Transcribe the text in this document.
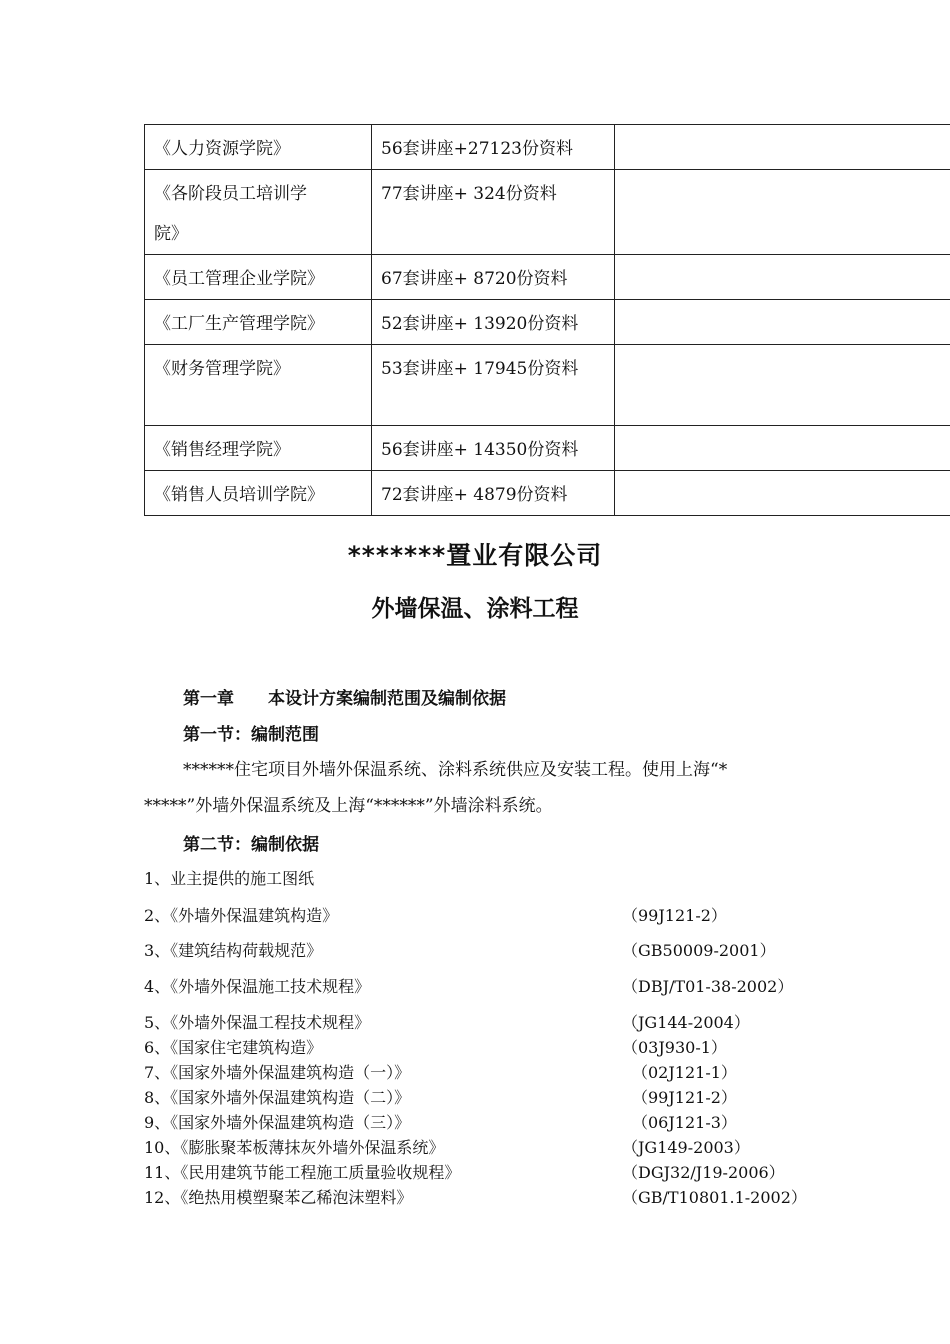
《人力资源学院》	56套讲座+27123份资料	

《各阶段员工培训学院》	77套讲座+ 324份资料	
《员工管理企业学院》	67套讲座+ 8720份资料	
《工厂生产管理学院》	52套讲座+ 13920份资料	
《财务管理学院》	53套讲座+ 17945份资料	

《销售经理学院》	56套讲座+ 14350份资料	
《销售人员培训学院》	72套讲座+ 4879份资料	
*******置业有限公司
外墙保温、涂料工程
第一章　　本设计方案编制范围及编制依据
第一节：编制范围
******住宅项目外墙外保温系统、涂料系统供应及安装工程。使用上海“*
*****”外墙外保温系统及上海“******”外墙涂料系统。
第二节：编制依据
1、业主提供的施工图纸
2、《外墙外保温建筑构造》	（99J121-2）
3、《建筑结构荷载规范》	（GB50009-2001）
4、《外墙外保温施工技术规程》	（DBJ/T01-38-2002）
5、《外墙外保温工程技术规程》	（JG144-2004）
6、《国家住宅建筑构造》	（03J930-1）
7、《国家外墙外保温建筑构造（一）》	（02J121-1）
8、《国家外墙外保温建筑构造（二）》	（99J121-2）
9、《国家外墙外保温建筑构造（三）》	（06J121-3）
10、《膨胀聚苯板薄抹灰外墙外保温系统》	（JG149-2003）
11、《民用建筑节能工程施工质量验收规程》	（DGJ32/J19-2006）
12、《绝热用模塑聚苯乙稀泡沫塑料》	（GB/T10801.1-2002）
